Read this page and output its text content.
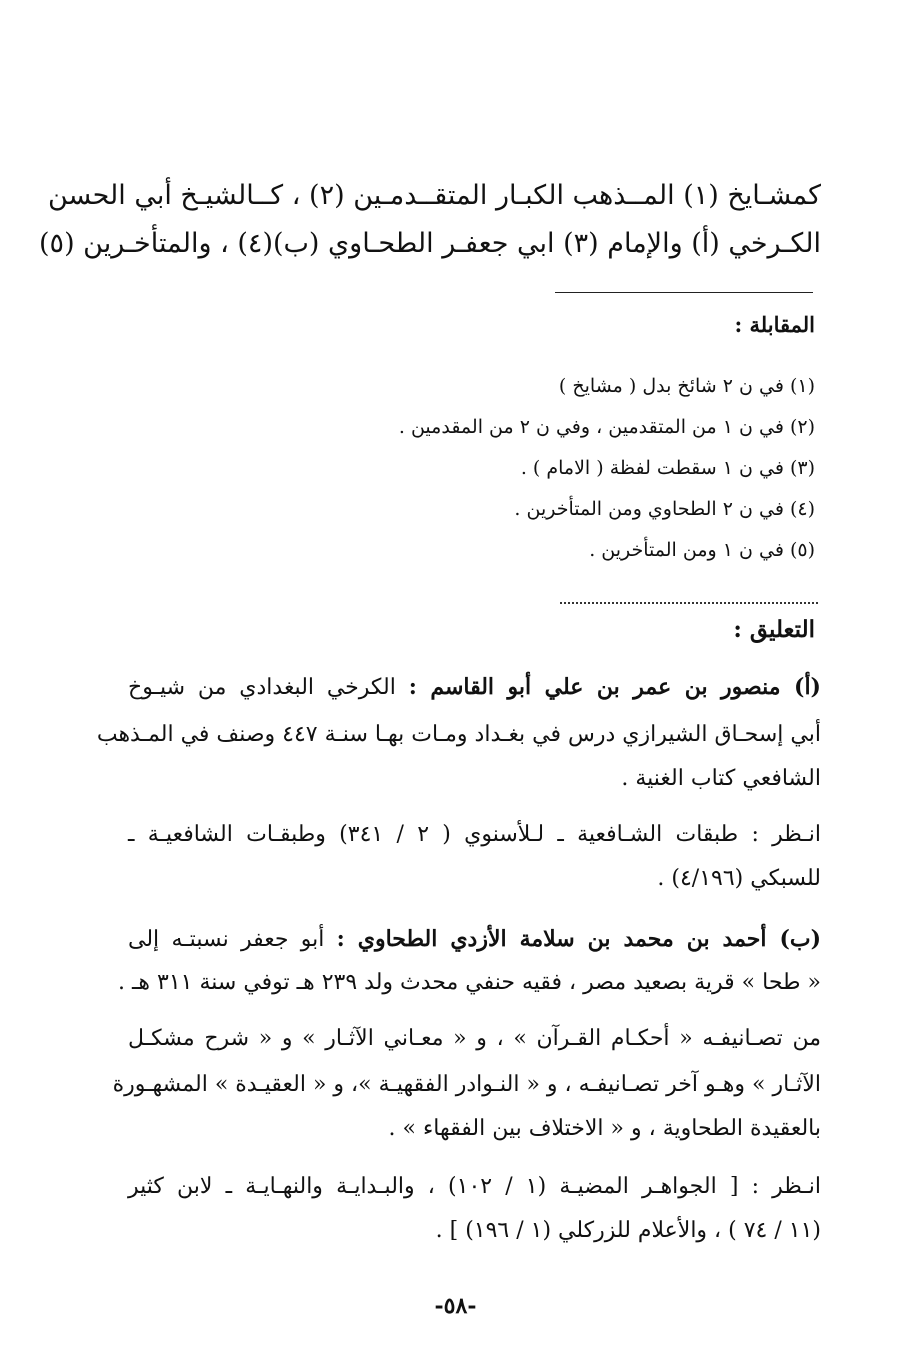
كمشـايخ (١) المــذهب الكبـار المتقــدمـين (٢) ، كــالشيـخ أبي الحسن
الكـرخي (أ) والإمام (٣) ابي جعفـر الطحـاوي (ب)(٤) ، والمتأخـرين (٥)
المقابلة :
(١) في ن ٢ شائخ بدل ( مشايخ )
(٢) في ن ١ من المتقدمين ، وفي ن ٢ من المقدمين .
(٣) في ن ١ سقطت لفظة ( الامام ) .
(٤) في ن ٢ الطحاوي ومن المتأخرين .
(٥) في ن ١ ومن المتأخرين .
التعليق :
(أ) منصور بن عمر بن علي أبو القاسم : الكرخي البغدادي من شيـوخ
أبي إسحـاق الشيرازي درس في بغـداد ومـات بهـا سنـة ٤٤٧ وصنف في المـذهب
الشافعي كتاب الغنية .
انـظر : طبقات الشـافعية ـ لـلأسنوي ( ٢ / ٣٤١) وطبقـات الشافعيـة ـ
للسبكي (٤/١٩٦) .
(ب) أحمد بن محمد بن سلامة الأزدي الطحاوي : أبو جعفر نسبتـه إلى
« طحا » قرية بصعيد مصر ، فقيه حنفي محدث ولد ٢٣٩ هـ توفي سنة ٣١١ هـ .
من تصـانيفـه « أحكـام القـرآن » ، و « معـاني الآثـار » و « شرح مشكـل
الآثـار » وهـو آخر تصـانيفـه ، و « النـوادر الفقهيـة »، و « العقيـدة » المشهـورة
بالعقيدة الطحاوية ، و « الاختلاف بين الفقهاء » .
انـظر : [ الجواهـر المضيـة (١ / ١٠٢) ، والبـدايـة والنهـايـة ـ لابن كثير
(١١ / ٧٤ ) ، والأعلام للزركلي (١ / ١٩٦) ] .
-٥٨-
